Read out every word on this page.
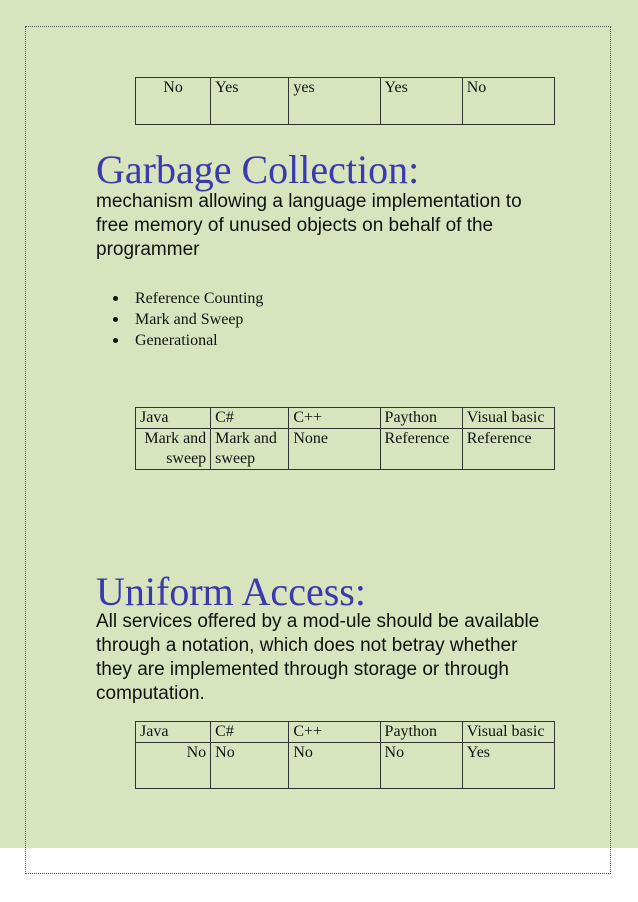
No	Yes	yes	Yes	No
Garbage Collection:

mechanism allowing a language implementation to free memory of unused objects on behalf of the programmer

Reference Counting
Mark and Sweep
Generational
Java	C#	C++	Paython	Visual basic
Mark and sweep	Mark and sweep	None	Reference	Reference
Uniform Access:

All services offered by a mod-ule should be available through a notation, which does not betray whether they are implemented through storage or through computation.

Java	C#	C++	Paython	Visual basic
No	No	No	No	Yes
